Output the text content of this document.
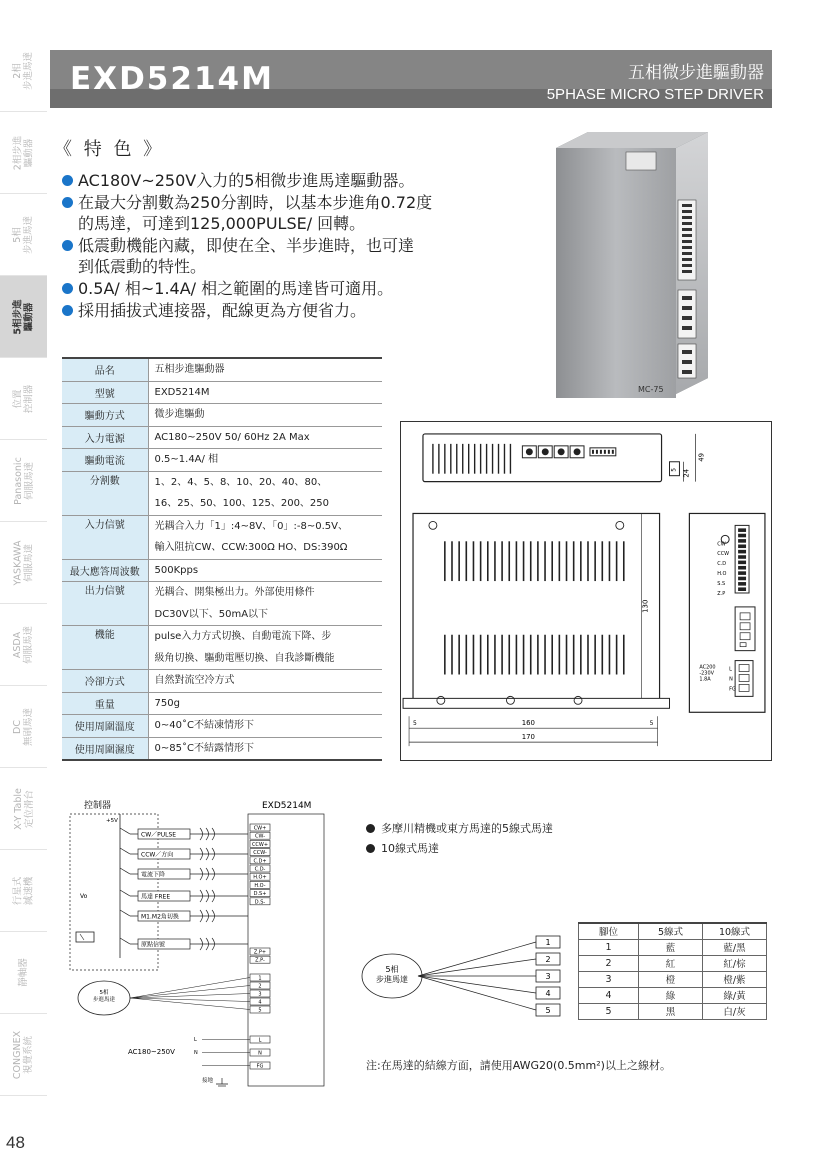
2相
步進馬達
2相步進
驅動器
5相
步進馬達
5相步進
驅動器
位置
控制器
Panasonic
伺服馬達
YASKAWA
伺服馬達
ASDA
伺服馬達
DC
無刷馬達
X-Y Table
定位滑台
行星式
減速機
靜軸器
CONGNEX
視覺系統
48
EXD5214M	五相微步進驅動器
5PHASE MICRO STEP DRIVER
《 特 色 》
AC180V~250V入力的5相微步進馬達驅動器。
在最大分割數為250分割時，以基本步進角0.72度
的馬達，可達到125,000PULSE/ 回轉。
低震動機能內藏，即使在全、半步進時，也可達
到低震動的特性。
0.5A/ 相~1.4A/ 相之範圍的馬達皆可適用。
採用插拔式連接器，配線更為方便省力。
MC-75
品名	五相步進驅動器

型號	EXD5214M

驅動方式	微步進驅動

入力電源	AC180~250V 50/ 60Hz 2A Max

驅動電流	0.5~1.4A/ 相

分割數	1、2、4、5、8、10、20、40、80、
16、25、50、100、125、200、250

入力信號	光耦合入力「1」:4~8V、「0」:-8~0.5V、
輸入阻抗CW、CCW:300Ω HO、DS:390Ω

最大應答周波數	500Kpps

出力信號	光耦合、開集極出力。外部使用條件
DC30V以下、50mA以下

機能	pulse入力方式切換、自動電流下降、步
級角切換、驅動電壓切換、自我診斷機能

冷卻方式	自然對流空冷方式

重量	750g

使用周圍溫度	0~40˚C不結凍情形下

使用周圍濕度	0~85˚C不結露情形下
49
24
5
130
160
170
5	5
CW
CCW
C.D
H.O
S.S
Z.P
AC200 -230V 1.8A
L
N
FG
控制器	EXD5214M
+5V
Vo
CW／PULSE
CCW／方向
電流下降
馬達 FREE
M1.M2角切換
原點信號
CW+
CW-
CCW+
CCW-
C.D+
C.D-
H.O+
H.O-
D.S+
D.S-
Z.P+
Z.P-
5相步進馬達
1
2
3
4
5
AC180~250V
L
L
N
N
FG
接地
多摩川精機或東方馬達的5線式馬達
10線式馬達
5相步進馬達
1
2
3
4
5
腳位	5線式	10線式
1	藍	藍/黑
2	紅	紅/棕
3	橙	橙/紫
4	綠	綠/黃
5	黑	白/灰
注:在馬達的結線方面，請使用AWG20(0.5mm²)以上之線材。
